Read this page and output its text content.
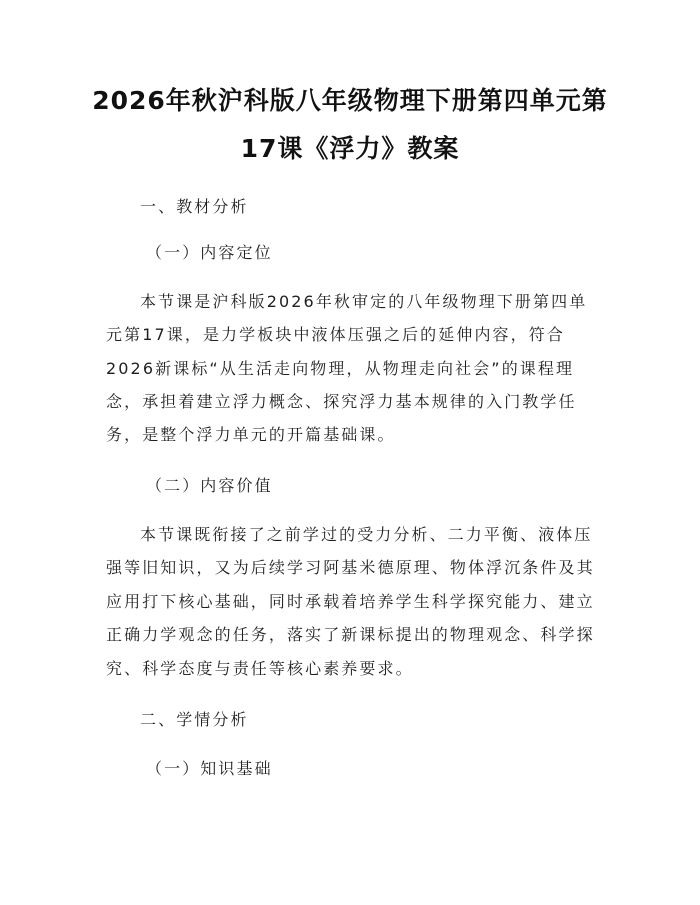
2026年秋沪科版八年级物理下册第四单元第
17课《浮力》教案
一、教材分析
（一）内容定位
本节课是沪科版2026年秋审定的八年级物理下册第四单
元第17课，是力学板块中液体压强之后的延伸内容，符合
2026新课标“从生活走向物理，从物理走向社会”的课程理
念，承担着建立浮力概念、探究浮力基本规律的入门教学任
务，是整个浮力单元的开篇基础课。
（二）内容价值
本节课既衔接了之前学过的受力分析、二力平衡、液体压
强等旧知识，又为后续学习阿基米德原理、物体浮沉条件及其
应用打下核心基础，同时承载着培养学生科学探究能力、建立
正确力学观念的任务，落实了新课标提出的物理观念、科学探
究、科学态度与责任等核心素养要求。
二、学情分析
（一）知识基础
